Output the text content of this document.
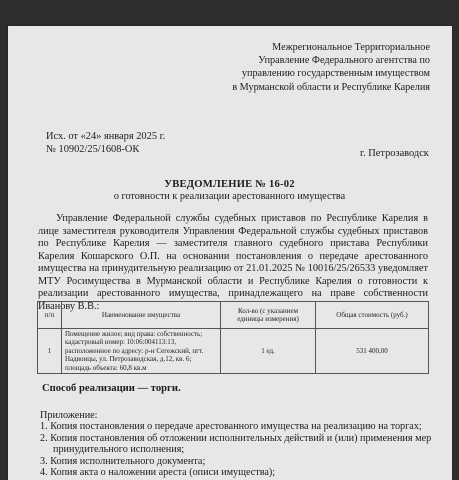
Межрегиональное Территориальное
Управление Федерального агентства по
управлению государственным имуществом
в Мурманской области и Республике Карелия
Исх. от «24» января 2025 г.
№ 10902/25/1608-ОК	г. Петрозаводск
УВЕДОМЛЕНИЕ № 16-02
о готовности к реализации арестованного имущества
Управление Федеральной службы судебных приставов по Республике Карелия в лице заместителя руководителя Управления Федеральной службы судебных приставов по Республике Карелия — заместителя главного судебного пристава Республики Карелия Кошарского О.П. на основании постановления о передаче арестованного имущества на принудительную реализацию от 21.01.2025 № 10016/25/26533 уведомляет МТУ Росимущества в Мурманской области и Республике Карелия о готовности к реализации арестованного имущества, принадлежащего на праве собственности Иванову В.В.:
п/п	Наименование имущества	Кол-во (с указанием единицы измерения)	Общая стоимость (руб.)
1	Помещение жилое; вид права: собственность; кадастровый номер: 10:06:004113:13, расположенное по адресу: р-н Сегежский, пгт. Надвоицы, ул. Петрозаводская, д.12, кв. 6; площадь объекта: 60,8 кв.м	1 ед.	531 400,00
Способ реализации — торги.
Приложение:
1. Копия постановления о передаче арестованного имущества на реализацию на торгах;
2. Копия постановления об отложении исполнительных действий и (или) применения мер
принудительного исполнения;
3. Копия исполнительного документа;
4. Копия акта о наложении ареста (описи имущества);
